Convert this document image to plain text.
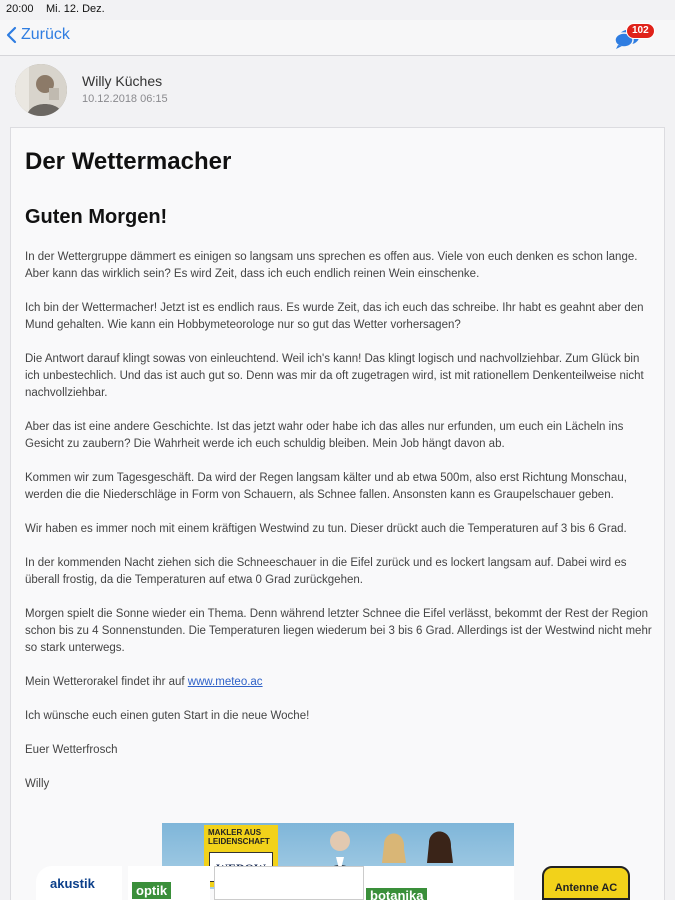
20:00 Mi. 12. Dez.
Zurück	102
Willy Küches
10.12.2018 06:15
Der Wettermacher
Guten Morgen!

In der Wettergruppe dämmert es einigen so langsam uns sprechen es offen aus. Viele von euch denken es schon lange. Aber kann das wirklich sein? Es wird Zeit, dass ich euch endlich reinen Wein einschenke.

Ich bin der Wettermacher! Jetzt ist es endlich raus. Es wurde Zeit, das ich euch das schreibe. Ihr habt es geahnt aber den Mund gehalten. Wie kann ein Hobbymeteorologe nur so gut das Wetter vorhersagen?

Die Antwort darauf klingt sowas von einleuchtend. Weil ich's kann! Das klingt logisch und nachvollziehbar. Zum Glück bin ich unbestechlich. Und das ist auch gut so. Denn was mir da oft zugetragen wird, ist mit rationellem Denkenteilweise nicht nachvollziehbar.

Aber das ist eine andere Geschichte. Ist das jetzt wahr oder habe ich das alles nur erfunden, um euch ein Lächeln ins Gesicht zu zaubern? Die Wahrheit werde ich euch schuldig bleiben. Mein Job hängt davon ab.

Kommen wir zum Tagesgeschäft. Da wird der Regen langsam kälter und ab etwa 500m, also erst Richtung Monschau, werden die die Niederschläge in Form von Schauern, als Schnee fallen. Ansonsten kann es Graupelschauer geben.

Wir haben es immer noch mit einem kräftigen Westwind zu tun. Dieser drückt auch die Temperaturen auf 3 bis 6 Grad.

In der kommenden Nacht ziehen sich die Schneeschauer in die Eifel zurück und es lockert langsam auf. Dabei wird es überall frostig, da die Temperaturen auf etwa 0 Grad zurückgehen.

Morgen spielt die Sonne wieder ein Thema. Denn während letzter Schnee die Eifel verlässt, bekommt der Rest der Region schon bis zu 4 Sonnenstunden. Die Temperaturen liegen wiederum bei 3 bis 6 Grad. Allerdings ist der Westwind nicht mehr so stark unterwegs.

Mein Wetterorakel findet ihr auf www.meteo.ac

Ich wünsche euch einen guten Start in die neue Woche!

Euer Wetterfrosch

Willy

MAKLER AUS LEIDENSCHAFT
akustik	optik	botanika	Antenne AC
